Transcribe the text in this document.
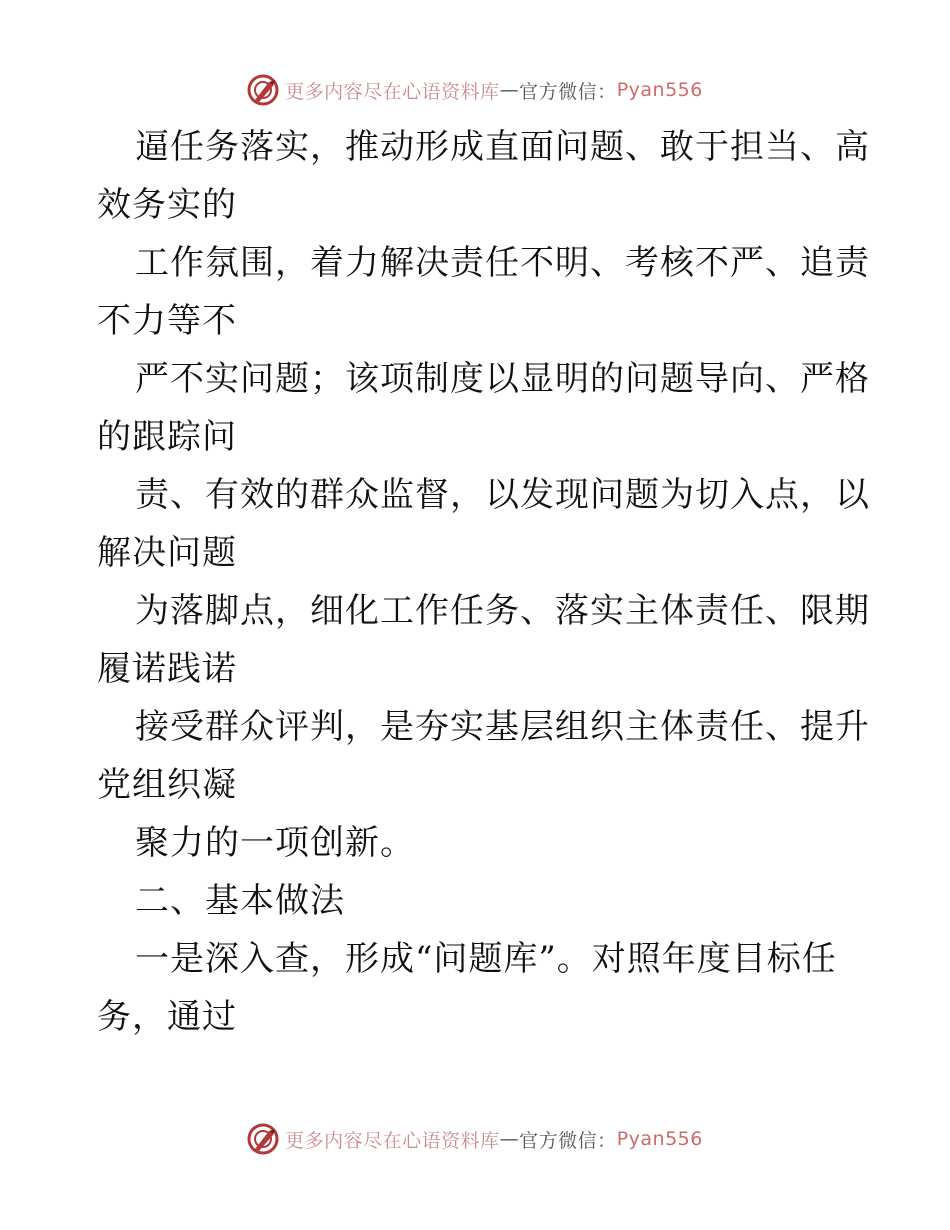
更多内容尽在心语资料库 — 官方微信： Pyan556
逼任务落实，推动形成直面问题、敢于担当、高
效务实的
工作氛围，着力解决责任不明、考核不严、追责
不力等不
严不实问题；该项制度以显明的问题导向、严格
的跟踪问
责、有效的群众监督，以发现问题为切入点，以
解决问题
为落脚点，细化工作任务、落实主体责任、限期
履诺践诺
接受群众评判，是夯实基层组织主体责任、提升
党组织凝
聚力的一项创新。
二、基本做法
一是深入查，形成“问题库”。对照年度目标任
务，通过
更多内容尽在心语资料库 — 官方微信： Pyan556
